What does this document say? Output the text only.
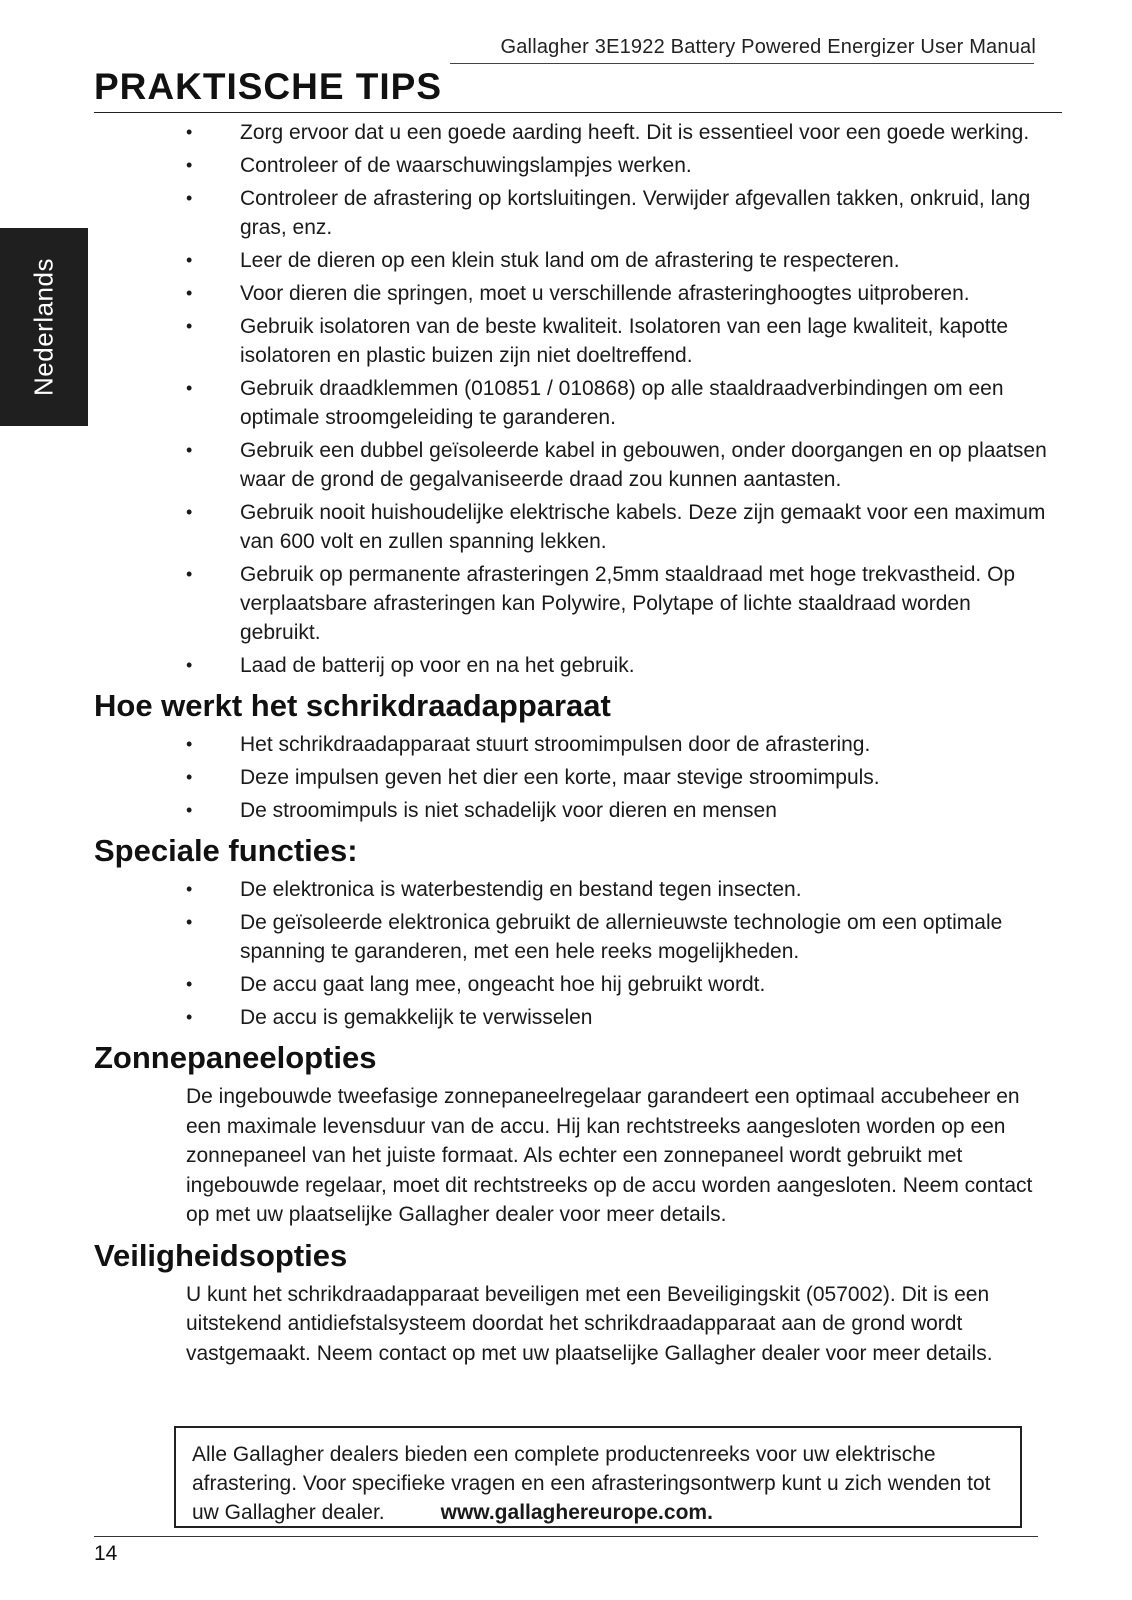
Gallagher 3E1922 Battery Powered Energizer User Manual
PRAKTISCHE TIPS
Nederlands
• Zorg ervoor dat u een goede aarding heeft. Dit is essentieel voor een goede werking.
• Controleer of de waarschuwingslampjes werken.
• Controleer de afrastering op kortsluitingen. Verwijder afgevallen takken, onkruid, lang gras, enz.
• Leer de dieren op een klein stuk land om de afrastering te respecteren.
• Voor dieren die springen, moet u verschillende afrasteringhoogtes uitproberen.
• Gebruik isolatoren van de beste kwaliteit. Isolatoren van een lage kwaliteit, kapotte isolatoren en plastic buizen zijn niet doeltreffend.
• Gebruik draadklemmen (010851 / 010868) op alle staaldraadverbindingen om een optimale stroomgeleiding te garanderen.
• Gebruik een dubbel geïsoleerde kabel in gebouwen, onder doorgangen en op plaatsen waar de grond de gegalvaniseerde draad zou kunnen aantasten.
• Gebruik nooit huishoudelijke elektrische kabels. Deze zijn gemaakt voor een maximum van 600 volt en zullen spanning lekken.
• Gebruik op permanente afrasteringen 2,5mm staaldraad met hoge trekvastheid. Op verplaatsbare afrasteringen kan Polywire, Polytape of lichte staaldraad worden gebruikt.
• Laad de batterij op voor en na het gebruik.
Hoe werkt het schrikdraadapparaat
• Het schrikdraadapparaat stuurt stroomimpulsen door de afrastering.
• Deze impulsen geven het dier een korte, maar stevige stroomimpuls.
• De stroomimpuls is niet schadelijk voor dieren en mensen
Speciale functies:
• De elektronica is waterbestendig en bestand tegen insecten.
• De geïsoleerde elektronica gebruikt de allernieuwste technologie om een optimale spanning te garanderen, met een hele reeks mogelijkheden.
• De accu gaat lang mee, ongeacht hoe hij gebruikt wordt.
• De accu is gemakkelijk te verwisselen
Zonnepaneelopties

De ingebouwde tweefasige zonnepaneelregelaar garandeert een optimaal accubeheer en een maximale levensduur van de accu. Hij kan rechtstreeks aangesloten worden op een zonnepaneel van het juiste formaat. Als echter een zonnepaneel wordt gebruikt met ingebouwde regelaar, moet dit rechtstreeks op de accu worden aangesloten. Neem contact op met uw plaatselijke Gallagher dealer voor meer details.

Veiligheidsopties

U kunt het schrikdraadapparaat beveiligen met een Beveiligingskit (057002). Dit is een uitstekend antidiefstalsysteem doordat het schrikdraadapparaat aan de grond wordt vastgemaakt. Neem contact op met uw plaatselijke Gallagher dealer voor meer details.

Alle Gallagher dealers bieden een complete productenreeks voor uw elektrische afrastering. Voor specifieke vragen en een afrasteringsontwerp kunt u zich wenden tot uw Gallagher dealer.	www.gallaghereurope.com.
14
